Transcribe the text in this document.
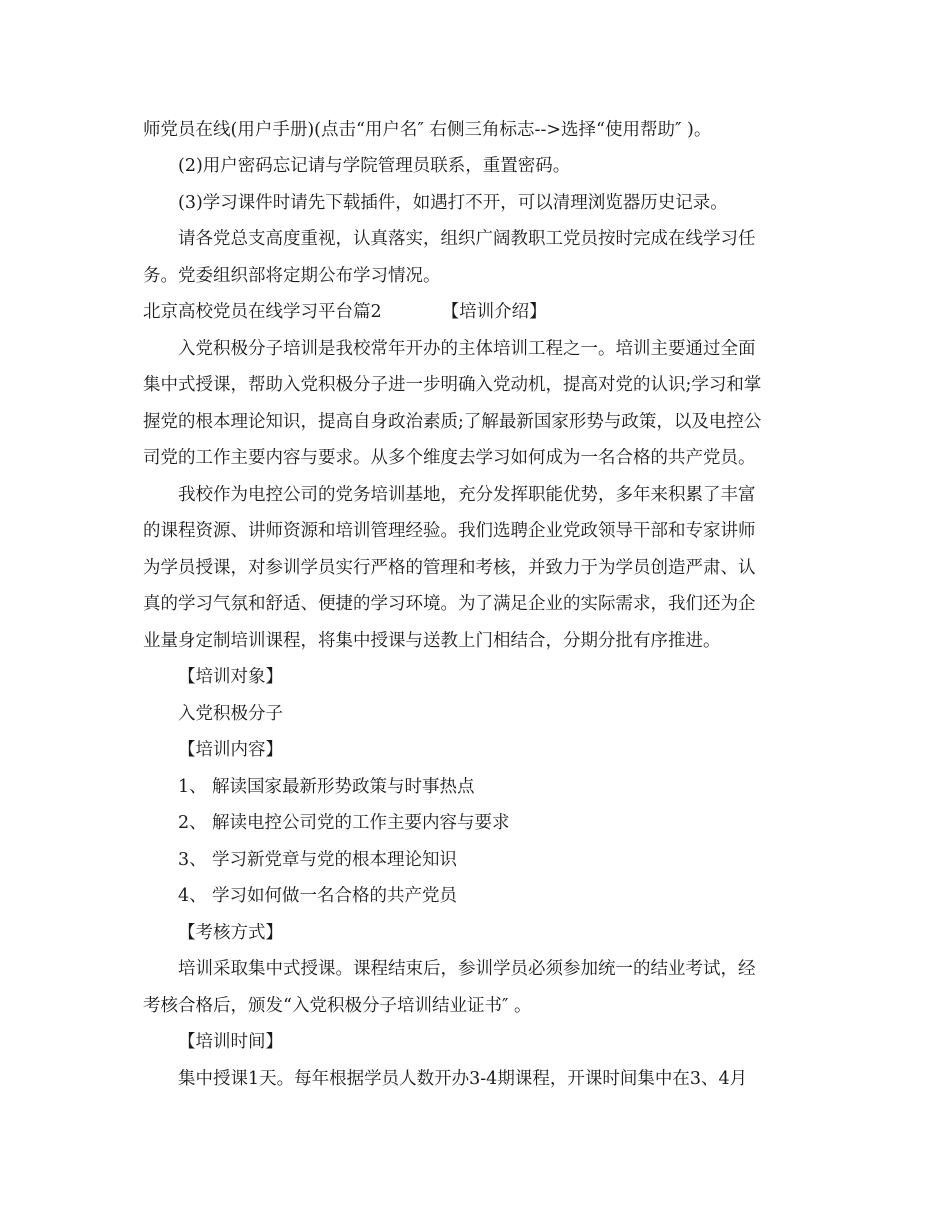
师党员在线(用户手册)(点击“用户名″ 右侧三角标志-->选择“使用帮助″ )。
(2)用户密码忘记请与学院管理员联系，重置密码。
(3)学习课件时请先下载插件，如遇打不开，可以清理浏览器历史记录。
请各党总支高度重视，认真落实，组织广阔教职工党员按时完成在线学习任
务。党委组织部将定期公布学习情况。
北京高校党员在线学习平台篇2	【培训介绍】
入党积极分子培训是我校常年开办的主体培训工程之一。培训主要通过全面
集中式授课，帮助入党积极分子进一步明确入党动机，提高对党的认识;学习和掌
握党的根本理论知识，提高自身政治素质;了解最新国家形势与政策，以及电控公
司党的工作主要内容与要求。从多个维度去学习如何成为一名合格的共产党员。
我校作为电控公司的党务培训基地，充分发挥职能优势，多年来积累了丰富
的课程资源、讲师资源和培训管理经验。我们选聘企业党政领导干部和专家讲师
为学员授课，对参训学员实行严格的管理和考核，并致力于为学员创造严肃、认
真的学习气氛和舒适、便捷的学习环境。为了满足企业的实际需求，我们还为企
业量身定制培训课程，将集中授课与送教上门相结合，分期分批有序推进。
【培训对象】
入党积极分子
【培训内容】
1、 解读国家最新形势政策与时事热点
2、 解读电控公司党的工作主要内容与要求
3、 学习新党章与党的根本理论知识
4、 学习如何做一名合格的共产党员
【考核方式】
培训采取集中式授课。课程结束后，参训学员必须参加统一的结业考试，经
考核合格后，颁发“入党积极分子培训结业证书″ 。
【培训时间】
集中授课1天。每年根据学员人数开办3-4期课程，开课时间集中在3、4月
